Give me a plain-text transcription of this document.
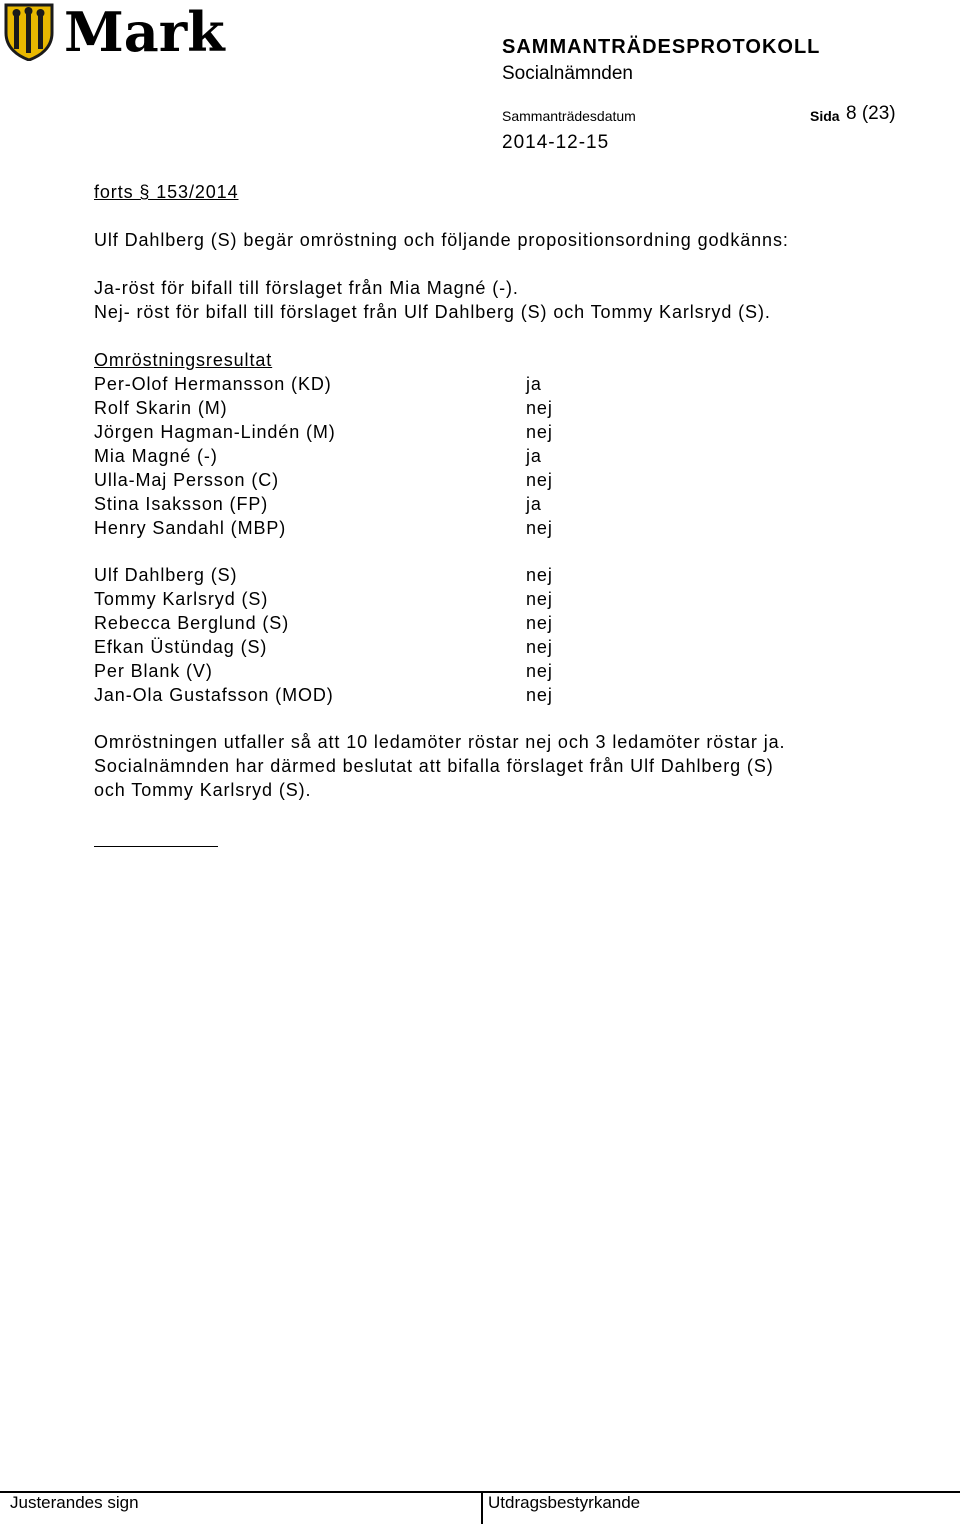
Mark	SAMMANTRÄDESPROTOKOLL
Socialnämnden
Sammanträdesdatum	Sida 8 (23)
2014-12-15
forts § 153/2014
Ulf Dahlberg (S) begär omröstning och följande propositionsordning godkänns:
Ja-röst för bifall till förslaget från Mia Magné (-).
Nej- röst för bifall till förslaget från Ulf Dahlberg (S) och Tommy Karlsryd (S).
Omröstningsresultat
Per-Olof Hermansson (KD)	ja
Rolf Skarin (M)	nej
Jörgen Hagman-Lindén (M)	nej
Mia Magné (-)	ja
Ulla-Maj Persson (C)	nej
Stina Isaksson (FP)	ja
Henry Sandahl (MBP)	nej
Ulf Dahlberg (S)	nej
Tommy Karlsryd (S)	nej
Rebecca Berglund (S)	nej
Efkan Üstündag (S)	nej
Per Blank (V)	nej
Jan-Ola Gustafsson (MOD)	nej
Omröstningen utfaller så att 10 ledamöter röstar nej och 3 ledamöter röstar ja.
Socialnämnden har därmed beslutat att bifalla förslaget från Ulf Dahlberg (S)
och Tommy Karlsryd (S).
Justerandes sign	Utdragsbestyrkande
